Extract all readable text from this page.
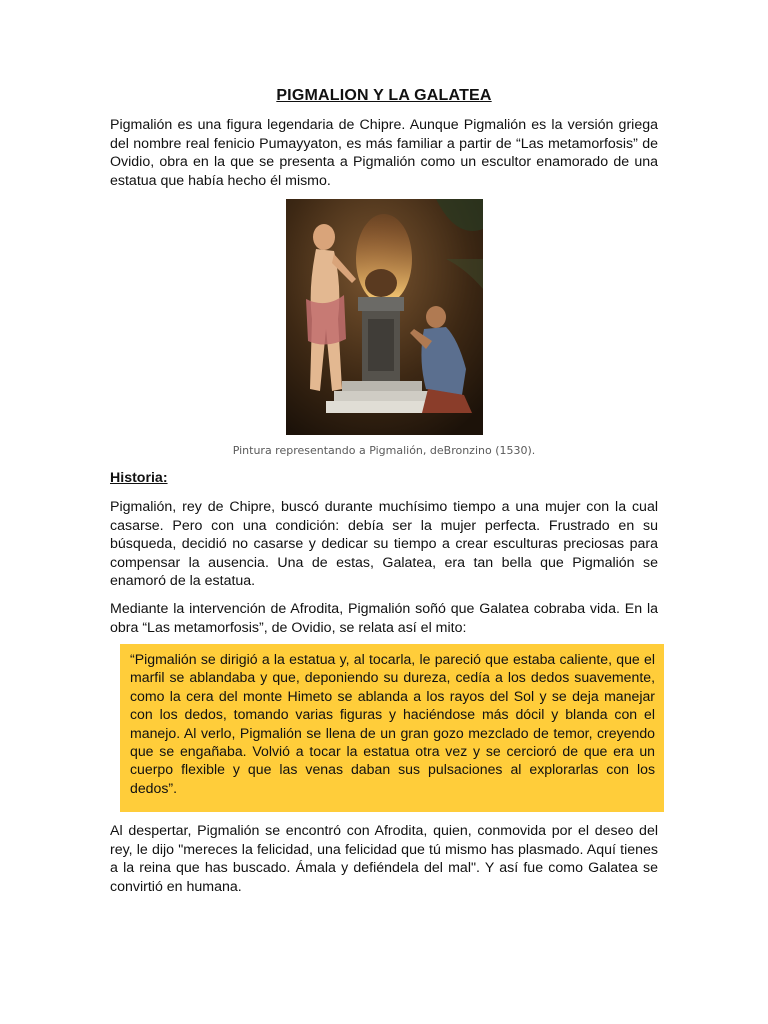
PIGMALION Y LA GALATEA

Pigmalión es una figura legendaria de Chipre. Aunque Pigmalión es la versión griega del nombre real fenicio Pumayyaton, es más familiar a partir de “Las metamorfosis” de Ovidio, obra en la que se presenta a Pigmalión como un escultor enamorado de una estatua que había hecho él mismo.

Pintura representando a Pigmalión, deBronzino (1530).
Historia:

Pigmalión, rey de Chipre, buscó durante muchísimo tiempo a una mujer con la cual casarse. Pero con una condición: debía ser la mujer perfecta. Frustrado en su búsqueda, decidió no casarse y dedicar su tiempo a crear esculturas preciosas para compensar la ausencia. Una de estas, Galatea, era tan bella que Pigmalión se enamoró de la estatua.

Mediante la intervención de Afrodita, Pigmalión soñó que Galatea cobraba vida. En la obra “Las metamorfosis”, de Ovidio, se relata así el mito:

“Pigmalión se dirigió a la estatua y, al tocarla, le pareció que estaba caliente, que el marfil se ablandaba y que, deponiendo su dureza, cedía a los dedos suavemente, como la cera del monte Himeto se ablanda a los rayos del Sol y se deja manejar con los dedos, tomando varias figuras y haciéndose más dócil y blanda con el manejo. Al verlo, Pigmalión se llena de un gran gozo mezclado de temor, creyendo que se engañaba. Volvió a tocar la estatua otra vez y se cercioró de que era un cuerpo flexible y que las venas daban sus pulsaciones al explorarlas con los dedos”.

Al despertar, Pigmalión se encontró con Afrodita, quien, conmovida por el deseo del rey, le dijo "mereces la felicidad, una felicidad que tú mismo has plasmado. Aquí tienes a la reina que has buscado. Ámala y defiéndela del mal". Y así fue como Galatea se convirtió en humana.
